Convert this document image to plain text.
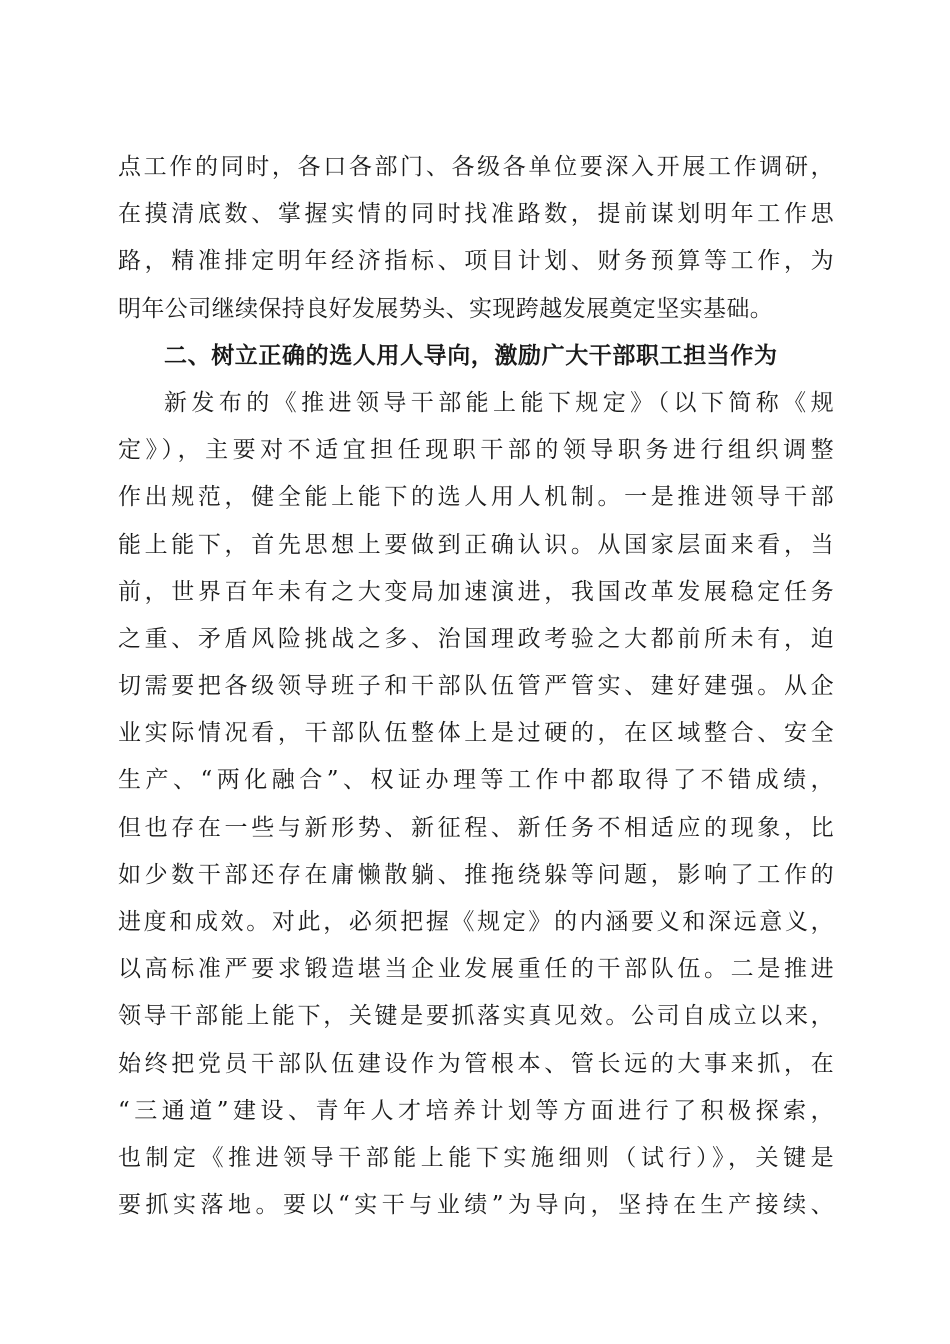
点工作的同时，各口各部门、各级各单位要深入开展工作调研，
在摸清底数、掌握实情的同时找准路数，提前谋划明年工作思
路，精准排定明年经济指标、项目计划、财务预算等工作，为
明年公司继续保持良好发展势头、实现跨越发展奠定坚实基础。
二、树立正确的选人用人导向，激励广大干部职工担当作为
新发布的《推进领导干部能上能下规定》（以下简称《规
定》），主要对不适宜担任现职干部的领导职务进行组织调整
作出规范，健全能上能下的选人用人机制。一是推进领导干部
能上能下，首先思想上要做到正确认识。从国家层面来看，当
前，世界百年未有之大变局加速演进，我国改革发展稳定任务
之重、矛盾风险挑战之多、治国理政考验之大都前所未有，迫
切需要把各级领导班子和干部队伍管严管实、建好建强。从企
业实际情况看，干部队伍整体上是过硬的，在区域整合、安全
生产、“两化融合”、权证办理等工作中都取得了不错成绩，
但也存在一些与新形势、新征程、新任务不相适应的现象，比
如少数干部还存在庸懒散躺、推拖绕躲等问题，影响了工作的
进度和成效。对此，必须把握《规定》的内涵要义和深远意义，
以高标准严要求锻造堪当企业发展重任的干部队伍。二是推进
领导干部能上能下，关键是要抓落实真见效。公司自成立以来，
始终把党员干部队伍建设作为管根本、管长远的大事来抓，在
“三通道”建设、青年人才培养计划等方面进行了积极探索，
也制定《推进领导干部能上能下实施细则（试行）》，关键是
要抓实落地。要以“实干与业绩”为导向，坚持在生产接续、
